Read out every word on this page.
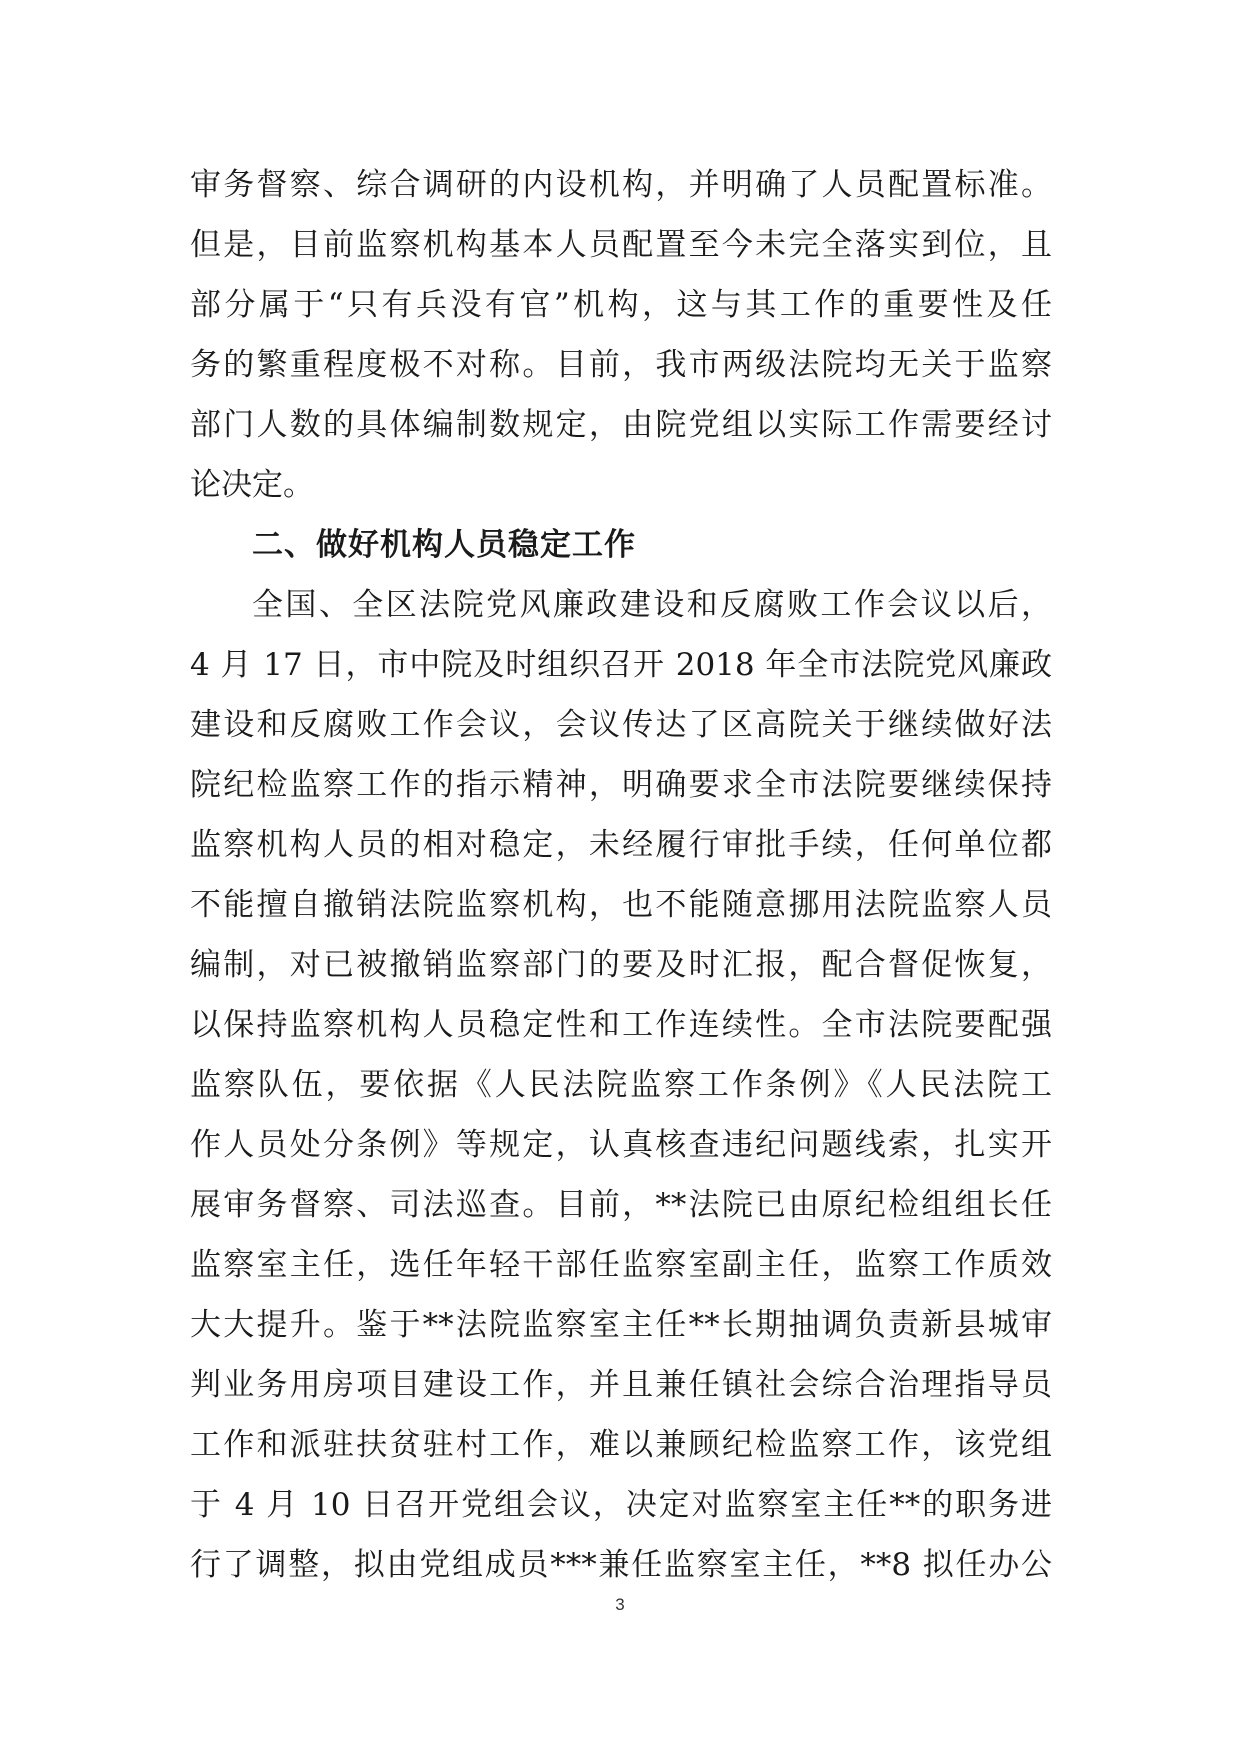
审务督察、综合调研的内设机构，并明确了人员配置标准。
但是，目前监察机构基本人员配置至今未完全落实到位，且
部分属于“只有兵没有官”机构，这与其工作的重要性及任
务的繁重程度极不对称。目前，我市两级法院均无关于监察
部门人数的具体编制数规定，由院党组以实际工作需要经讨
论决定。
二、做好机构人员稳定工作
全国、全区法院党风廉政建设和反腐败工作会议以后，
4 月 17 日，市中院及时组织召开 2018 年全市法院党风廉政
建设和反腐败工作会议，会议传达了区高院关于继续做好法
院纪检监察工作的指示精神，明确要求全市法院要继续保持
监察机构人员的相对稳定，未经履行审批手续，任何单位都
不能擅自撤销法院监察机构，也不能随意挪用法院监察人员
编制，对已被撤销监察部门的要及时汇报，配合督促恢复，
以保持监察机构人员稳定性和工作连续性。全市法院要配强
监察队伍，要依据《人民法院监察工作条例》《人民法院工
作人员处分条例》等规定，认真核查违纪问题线索，扎实开
展审务督察、司法巡查。目前，**法院已由原纪检组组长任
监察室主任，选任年轻干部任监察室副主任，监察工作质效
大大提升。鉴于**法院监察室主任**长期抽调负责新县城审
判业务用房项目建设工作，并且兼任镇社会综合治理指导员
工作和派驻扶贫驻村工作，难以兼顾纪检监察工作，该党组
于 4 月 10 日召开党组会议，决定对监察室主任**的职务进
行了调整，拟由党组成员***兼任监察室主任，**8 拟任办公
3
